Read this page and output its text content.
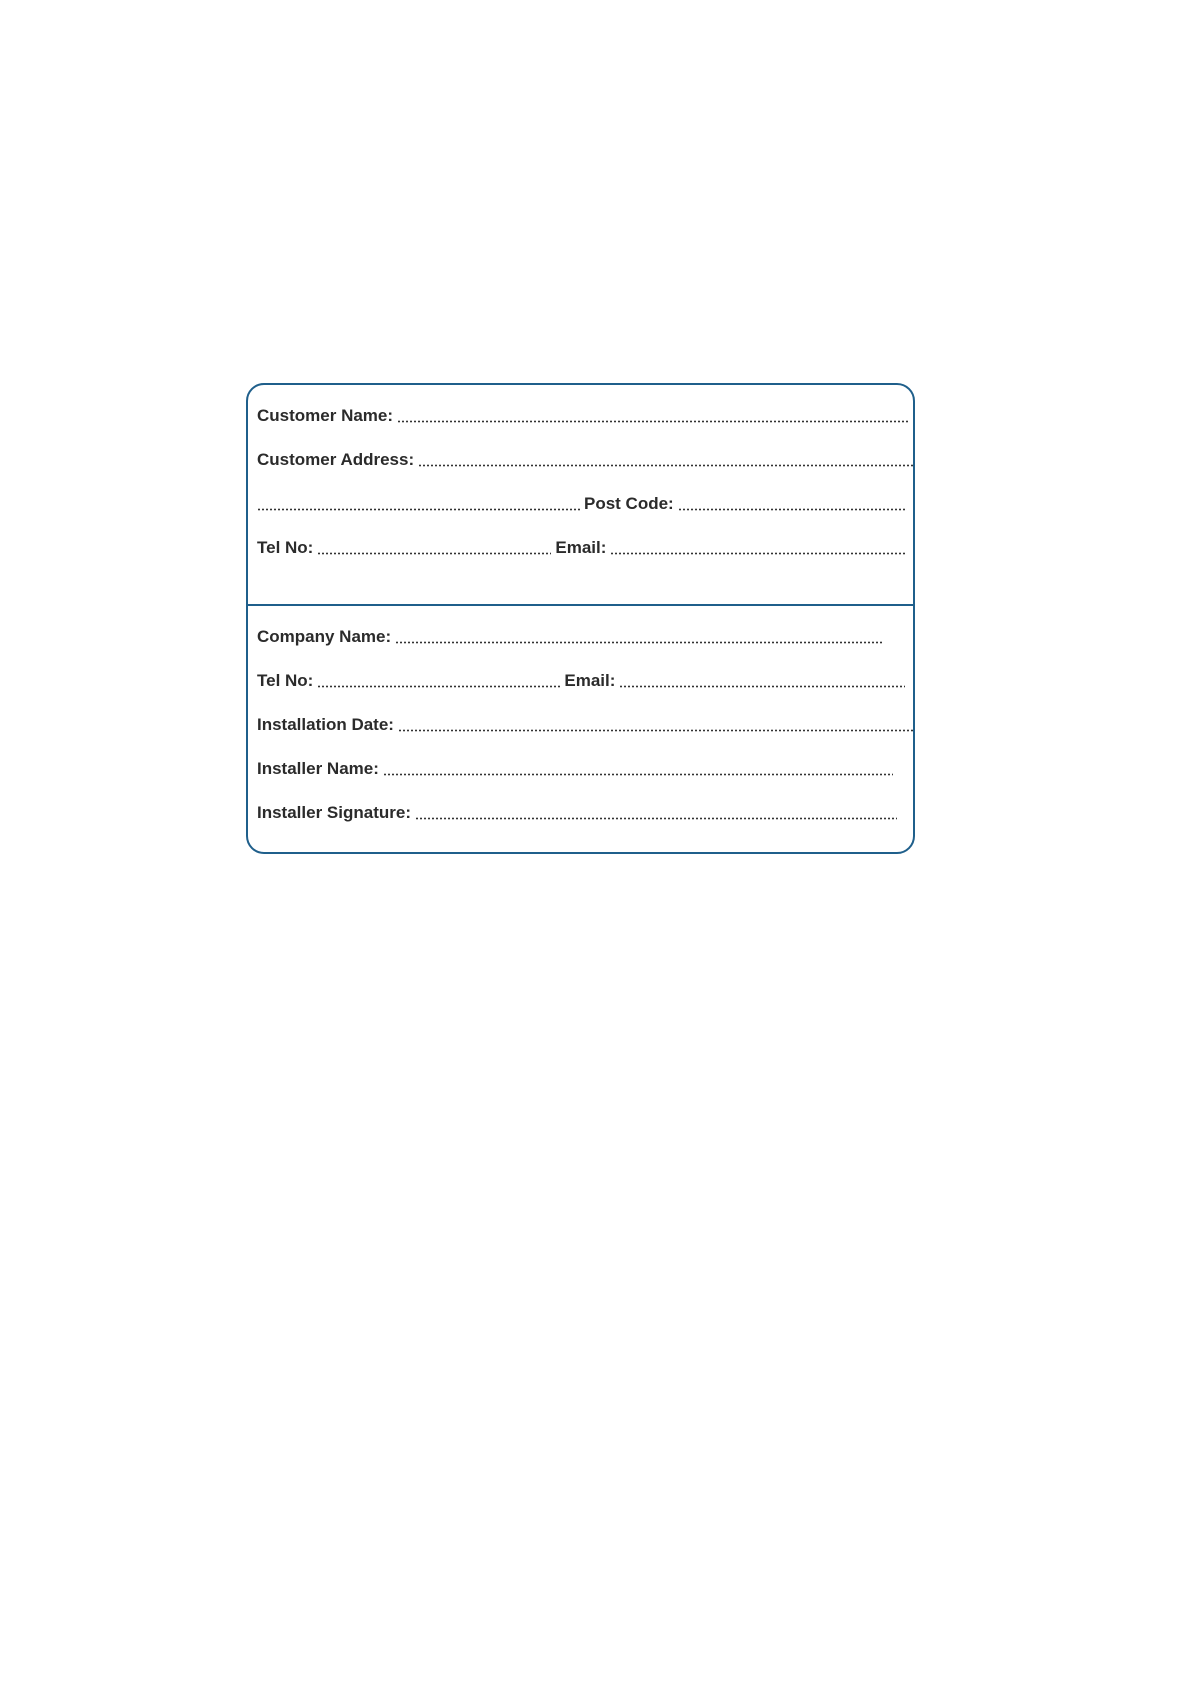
Customer Name:
Customer Address:
Post Code:
Tel No:	Email:
Company Name:
Tel No:	Email:
Installation Date:
Installer Name:
Installer Signature:
